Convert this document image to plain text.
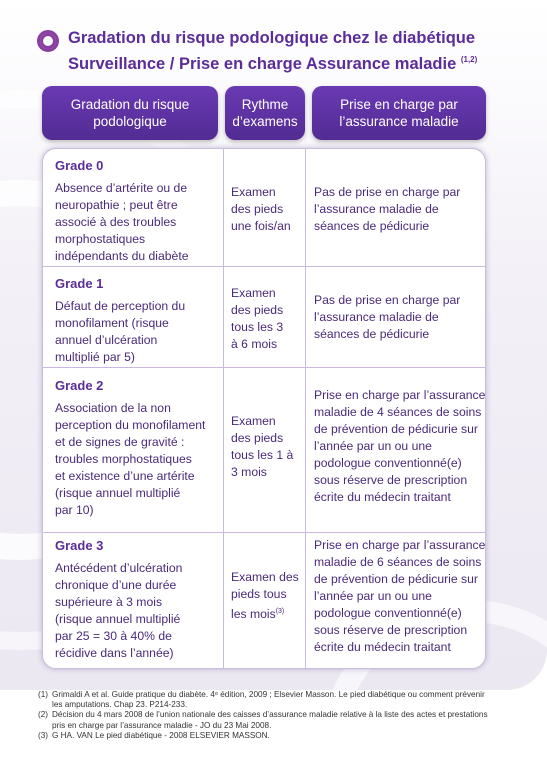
Gradation du risque podologique chez le diabétique
Surveillance / Prise en charge Assurance maladie $^{(1,2)}$
Gradation du risque
podologique
Rythme
d’examens
Prise en charge par
l’assurance maladie
Grade 0

Absence d’artérite ou de
neuropathie ; peut être
associé à des troubles
morphostatiques
indépendants du diabète

Examen
des pieds
une fois/an

Pas de prise en charge par
l’assurance maladie de
séances de pédicurie

Grade 1

Défaut de perception du
monofilament (risque
annuel d’ulcération
multiplié par 5)

Examen
des pieds
tous les 3
à 6 mois

Pas de prise en charge par
l’assurance maladie de
séances de pédicurie

Grade 2

Association de la non
perception du monofilament
et de signes de gravité :
troubles morphostatiques
et existence d’une artérite
(risque annuel multiplié
par 10)

Examen
des pieds
tous les 1 à
3 mois

Prise en charge par l’assurance
maladie de 4 séances de soins
de prévention de pédicurie sur
l’année par un ou une
podologue conventionné(e)
sous réserve de prescription
écrite du médecin traitant

Grade 3

Antécédent d’ulcération
chronique d’une durée
supérieure à 3 mois
(risque annuel multiplié
par 25 = 30 à 40% de
récidive dans l’année)

Examen des
pieds tous
les mois$^{(3)}$

Prise en charge par l’assurance
maladie de 6 séances de soins
de prévention de pédicurie sur
l’année par un ou une
podologue conventionné(e)
sous réserve de prescription
écrite du médecin traitant

(1) Grimaldi A et al. Guide pratique du diabète. 4ᵉ édition, 2009 ; Elsevier Masson. Le pied diabétique ou comment prévenir
les amputations. Chap 23. P214-233.
(2) Décision du 4 mars 2008 de l’union nationale des caisses d’assurance maladie relative à la liste des actes et prestations
pris en charge par l’assurance maladie - JO du 23 Mai 2008.
(3) G HA. VAN Le pied diabétique - 2008 ELSEVIER MASSON.
